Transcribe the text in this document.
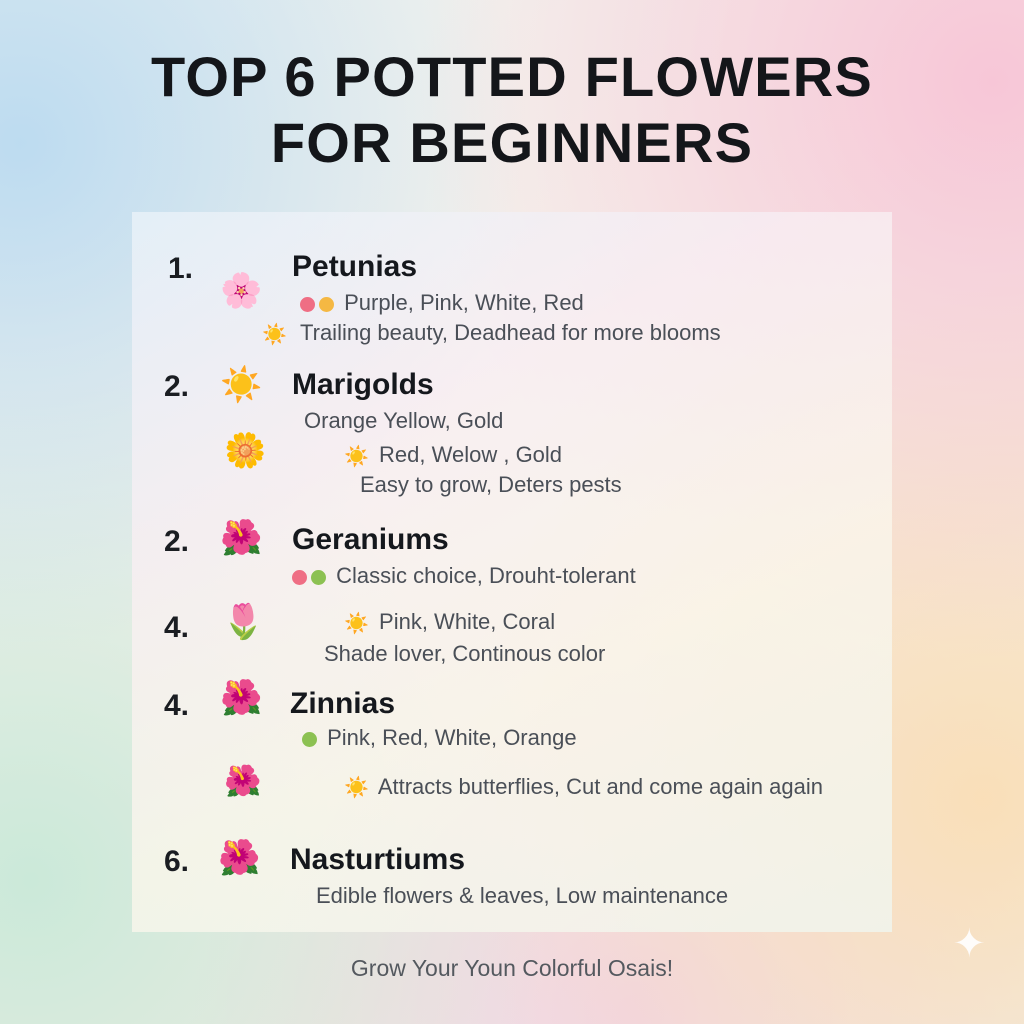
TOP 6 POTTED FLOWERS
FOR BEGINNERS
1.
🌸
Petunias
Purple, Pink, White, Red
☀️ Trailing beauty, Deadhead for more blooms
2. ☀️ Marigolds
Orange Yellow, Gold
🌼	☀️ Red, Welow , Gold
Easy to grow, Deters pests
2. 🌺 Geraniums
Classic choice, Drouht-tolerant
4. 🌷	☀️ Pink, White, Coral
Shade lover, Continous color
4. 🌺 Zinnias
Pink, Red, White, Orange
🌺	☀️ Attracts butterflies, Cut and come again again
6. 🌺 Nasturtiums
Edible flowers & leaves, Low maintenance
Grow Your Youn Colorful Osais!
✦
